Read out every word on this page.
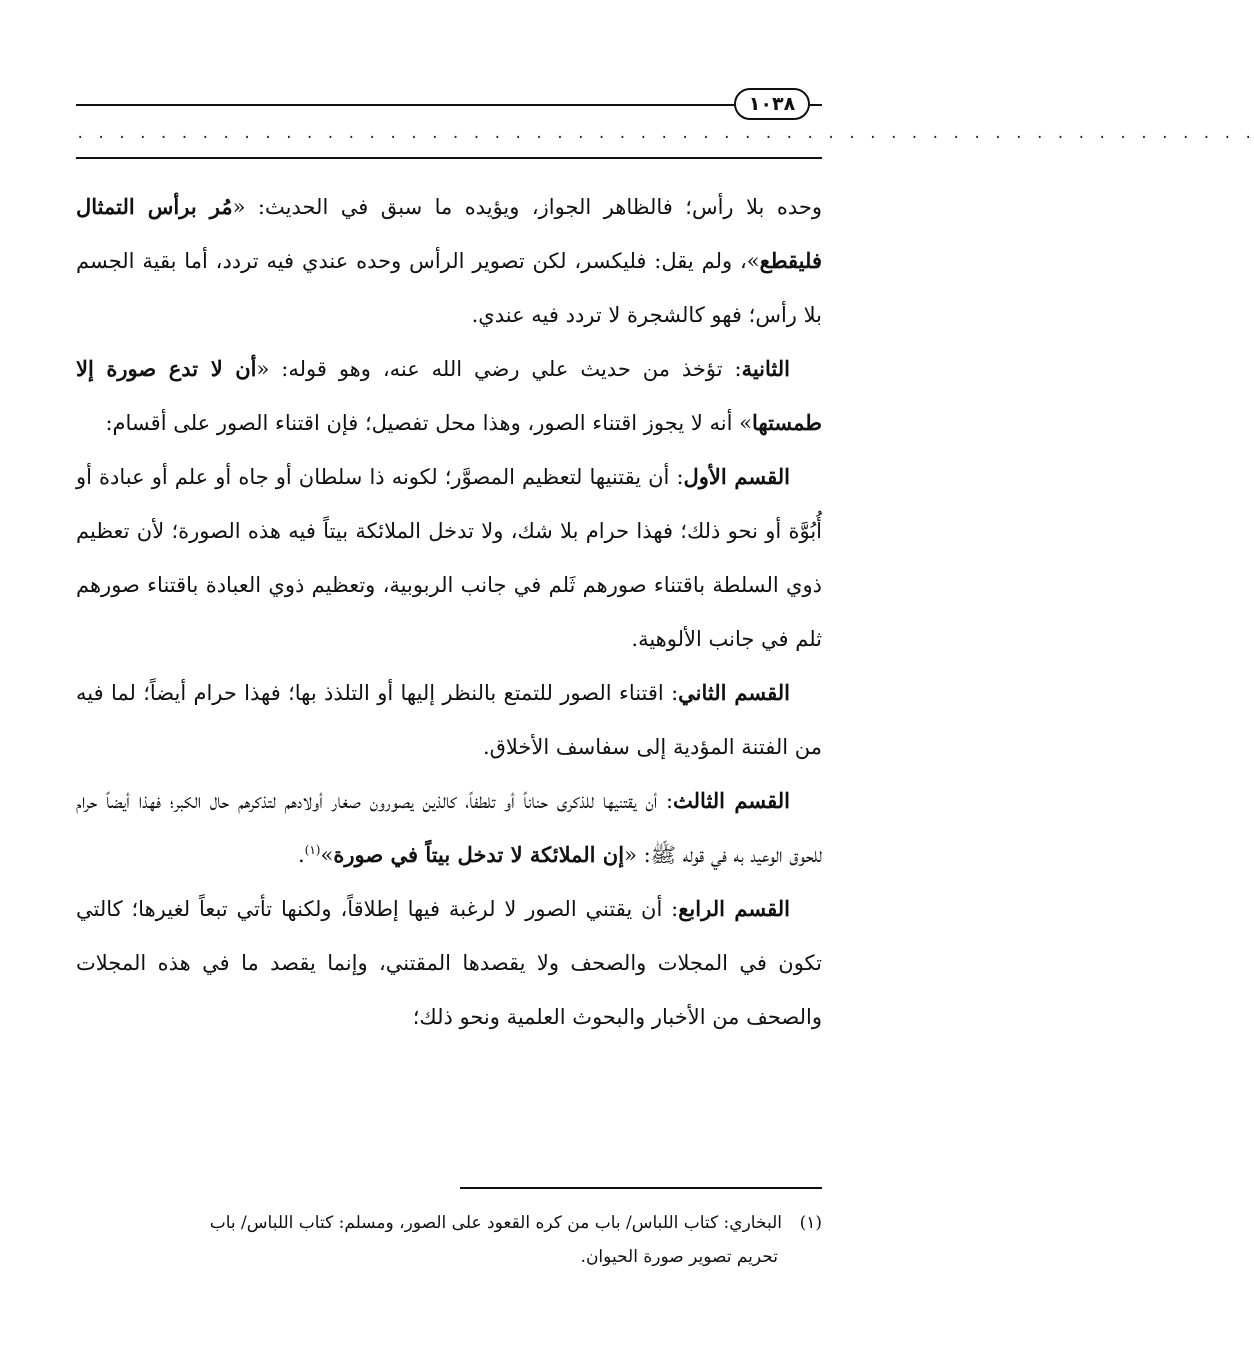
١٠٣٨
. . . . . . . . . . . . . . . . . . . . . . . . . . . . . . . . . . . . . . . . . . . . . . . . . . . . . . . . .

وحده بلا رأس؛ فالظاهر الجواز، ويؤيده ما سبق في الحديث: «مُر برأس التمثال فليقطع»، ولم يقل: فليكسر، لكن تصوير الرأس وحده عندي فيه تردد، أما بقية الجسم بلا رأس؛ فهو كالشجرة لا تردد فيه عندي.

الثانية: تؤخذ من حديث علي رضي الله عنه، وهو قوله: «أن لا تدع صورة إلا طمستها» أنه لا يجوز اقتناء الصور، وهذا محل تفصيل؛ فإن اقتناء الصور على أقسام:

القسم الأول: أن يقتنيها لتعظيم المصوَّر؛ لكونه ذا سلطان أو جاه أو علم أو عبادة أو أُبُوَّة أو نحو ذلك؛ فهذا حرام بلا شك، ولا تدخل الملائكة بيتاً فيه هذه الصورة؛ لأن تعظيم ذوي السلطة باقتناء صورهم ثَلم في جانب الربوبية، وتعظيم ذوي العبادة باقتناء صورهم ثلم في جانب الألوهية.

القسم الثاني: اقتناء الصور للتمتع بالنظر إليها أو التلذذ بها؛ فهذا حرام أيضاً؛ لما فيه من الفتنة المؤدية إلى سفاسف الأخلاق.

القسم الثالث: أن يقتنيها للذكرى حناناً أو تلطفاً، كالذين يصورون صغار أولادهم لتذكرهم حال الكبر؛ فهذا أيضاً حرام للحوق الوعيد به في قوله ﷺ: «إن الملائكة لا تدخل بيتاً في صورة»$^{(١)}$.

القسم الرابع: أن يقتني الصور لا لرغبة فيها إطلاقاً، ولكنها تأتي تبعاً لغيرها؛ كالتي تكون في المجلات والصحف ولا يقصدها المقتني، وإنما يقصد ما في هذه المجلات والصحف من الأخبار والبحوث العلمية ونحو ذلك؛

(١)البخاري: كتاب اللباس/ باب من كره القعود على الصور، ومسلم: كتاب اللباس/ باب
تحريم تصوير صورة الحيوان.
